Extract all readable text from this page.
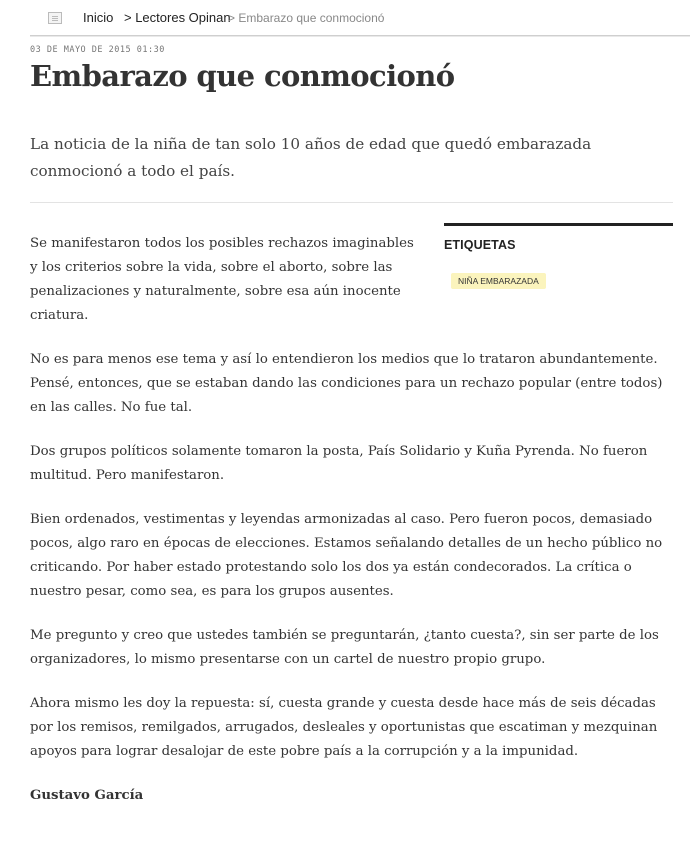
Inicio > Lectores Opinan
> Embarazo que conmocionó
03 DE MAYO DE 2015 01:30
Embarazo que conmocionó

La noticia de la niña de tan solo 10 años de edad que quedó embarazada conmocionó a todo el país.

ETIQUETAS
NIÑA EMBARAZADA

Se manifestaron todos los posibles rechazos imaginables y los criterios sobre la vida, sobre el aborto, sobre las penalizaciones y naturalmente, sobre esa aún inocente criatura.

No es para menos ese tema y así lo entendieron los medios que lo trataron abundantemente. Pensé, entonces, que se estaban dando las condiciones para un rechazo popular (entre todos) en las calles. No fue tal.

Dos grupos políticos solamente tomaron la posta, País Solidario y Kuña Pyrenda. No fueron multitud. Pero manifestaron.

Bien ordenados, vestimentas y leyendas armonizadas al caso. Pero fueron pocos, demasiado pocos, algo raro en épocas de elecciones. Estamos señalando detalles de un hecho público no criticando. Por haber estado protestando solo los dos ya están condecorados. La crítica o nuestro pesar, como sea, es para los grupos ausentes.

Me pregunto y creo que ustedes también se preguntarán, ¿tanto cuesta?, sin ser parte de los organizadores, lo mismo presentarse con un cartel de nuestro propio grupo.

Ahora mismo les doy la repuesta: sí, cuesta grande y cuesta desde hace más de seis décadas por los remisos, remilgados, arrugados, desleales y oportunistas que escatiman y mezquinan apoyos para lograr desalojar de este pobre país a la corrupción y a la impunidad.

Gustavo García
